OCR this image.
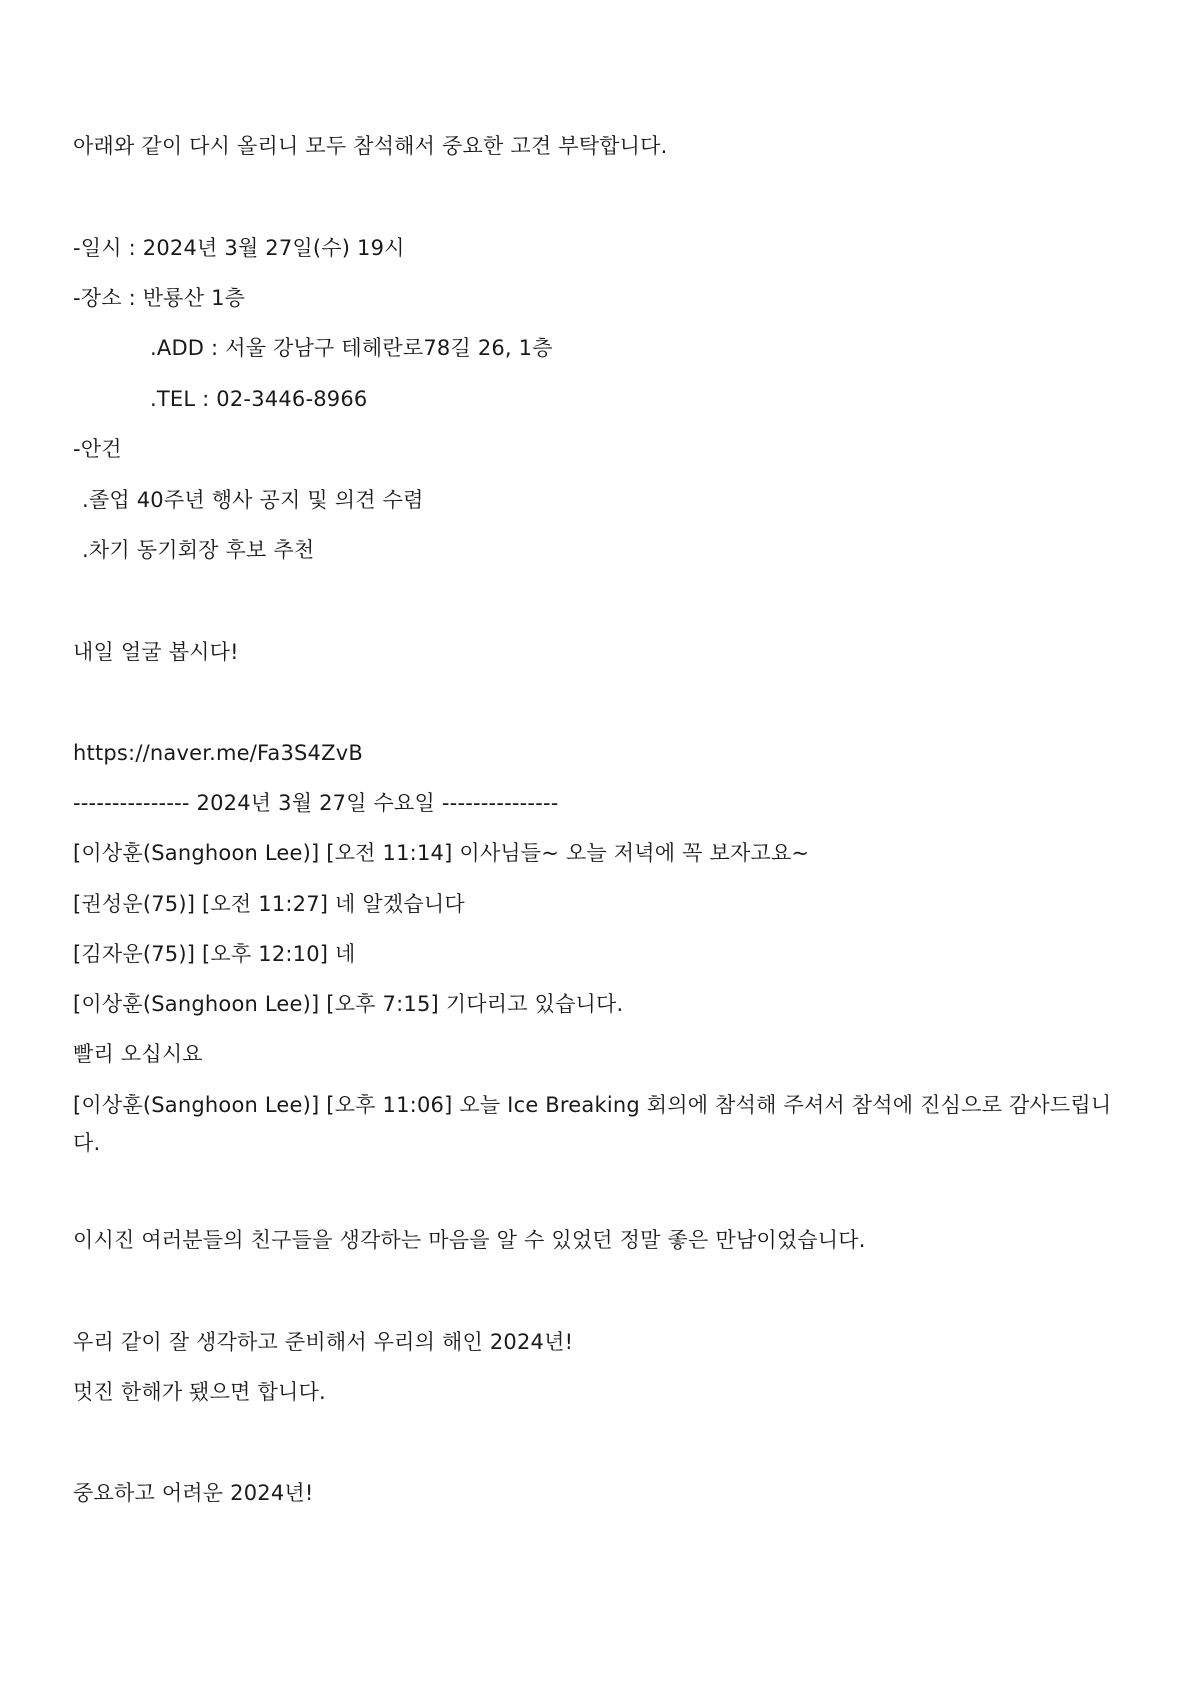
아래와 같이 다시 올리니 모두 참석해서 중요한 고견 부탁합니다.
-일시 : 2024년 3월 27일(수) 19시
-장소 : 반룡산 1층
.ADD : 서울 강남구 테헤란로78길 26, 1층
.TEL : 02-3446-8966
-안건
.졸업 40주년 행사 공지 및 의견 수렴
.차기 동기회장 후보 추천
내일 얼굴 봅시다!
https://naver.me/Fa3S4ZvB
--------------- 2024년 3월 27일 수요일 ---------------
[이상훈(Sanghoon Lee)] [오전 11:14] 이사님들~ 오늘 저녁에 꼭 보자고요~
[권성운(75)] [오전 11:27] 네 알겠습니다
[김자운(75)] [오후 12:10] 네
[이상훈(Sanghoon Lee)] [오후 7:15] 기다리고 있습니다.
빨리 오십시요
[이상훈(Sanghoon Lee)] [오후 11:06] 오늘 Ice Breaking 회의에 참석해 주셔서 참석에 진심으로 감사드립니다.
이시진 여러분들의 친구들을 생각하는 마음을 알 수 있었던 정말 좋은 만남이었습니다.
우리 같이 잘 생각하고 준비해서 우리의 해인 2024년!
멋진 한해가 됐으면 합니다.
중요하고 어려운 2024년!
